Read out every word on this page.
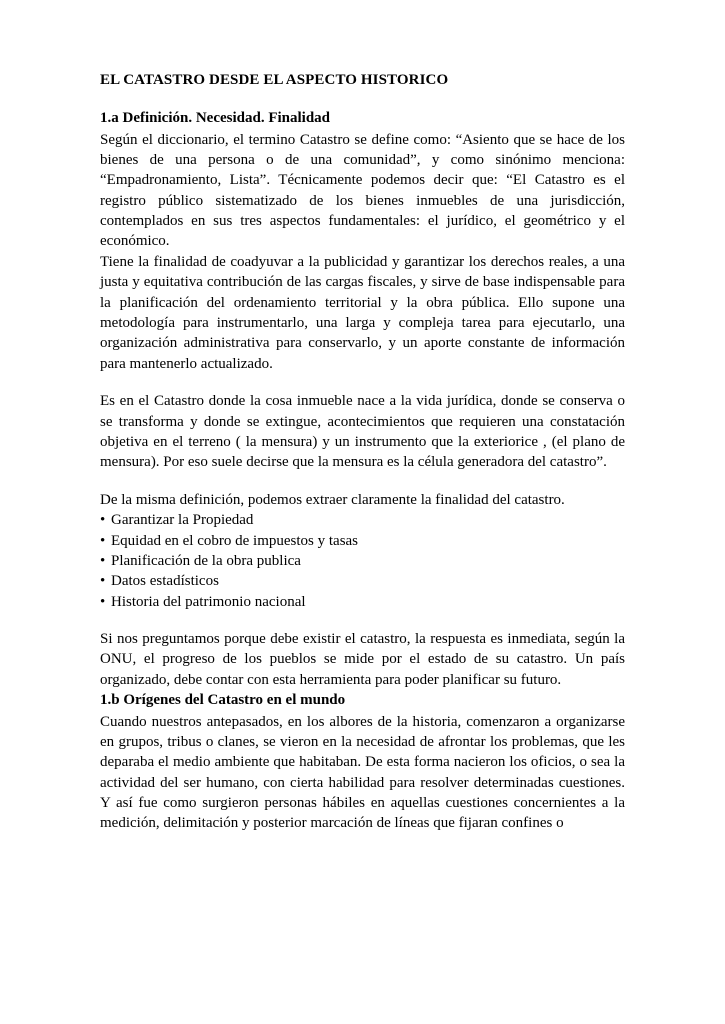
EL CATASTRO DESDE EL ASPECTO HISTORICO
1.a Definición. Necesidad. Finalidad

Según el diccionario, el termino Catastro se define como: “Asiento que se hace de los bienes de una persona o de una comunidad”, y como sinónimo menciona: “Empadronamiento, Lista”. Técnicamente podemos decir que: “El Catastro es el registro público sistematizado de los bienes inmuebles de una jurisdicción, contemplados en sus tres aspectos fundamentales: el jurídico, el geométrico y el económico.

Tiene la finalidad de coadyuvar a la publicidad y garantizar los derechos reales, a una justa y equitativa contribución de las cargas fiscales, y sirve de base indispensable para la planificación del ordenamiento territorial y la obra pública. Ello supone una metodología para instrumentarlo, una larga y compleja tarea para ejecutarlo, una organización administrativa para conservarlo, y un aporte constante de información para mantenerlo actualizado.

Es en el Catastro donde la cosa inmueble nace a la vida jurídica, donde se conserva o se transforma y donde se extingue, acontecimientos que requieren una constatación objetiva en el terreno ( la mensura) y un instrumento que la exteriorice , (el plano de mensura). Por eso suele decirse que la mensura es la célula generadora del catastro”.

De la misma definición, podemos extraer claramente la finalidad del catastro.

• Garantizar la Propiedad
• Equidad en el cobro de impuestos y tasas
• Planificación de la obra publica
• Datos estadísticos
• Historia del patrimonio nacional

Si nos preguntamos porque debe existir el catastro, la respuesta es inmediata, según la ONU, el progreso de los pueblos se mide por el estado de su catastro. Un país organizado, debe contar con esta herramienta para poder planificar su futuro.

1.b Orígenes del Catastro en el mundo

Cuando nuestros antepasados, en los albores de la historia, comenzaron a organizarse en grupos, tribus o clanes, se vieron en la necesidad de afrontar los problemas, que les deparaba el medio ambiente que habitaban. De esta forma nacieron los oficios, o sea la actividad del ser humano, con cierta habilidad para resolver determinadas cuestiones. Y así fue como surgieron personas hábiles en aquellas cuestiones concernientes a la medición, delimitación y posterior marcación de líneas que fijaran confines o
